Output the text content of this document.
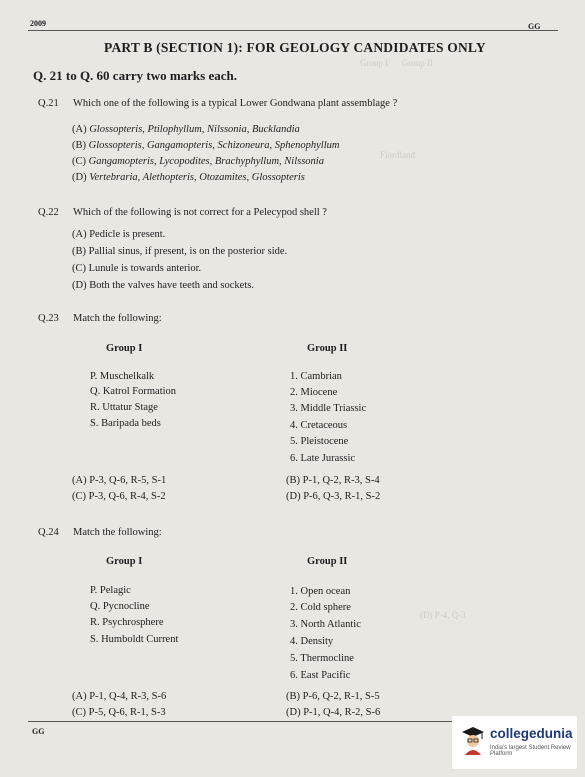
Group I      Group II
Fiordland
(D) P-4, Q-3
2009	GG
PART B (SECTION 1): FOR GEOLOGY CANDIDATES ONLY
Q. 21 to Q. 60 carry two marks each.
Q.21 Which one of the following is a typical Lower Gondwana plant assemblage ?
(A) Glossopteris, Ptilophyllum, Nilssonia, Bucklandia
(B) Glossopteris, Gangamopteris, Schizoneura, Sphenophyllum
(C) Gangamopteris, Lycopodites, Brachyphyllum, Nilssonia
(D) Vertebraria, Alethopteris, Otozamites, Glossopteris
Q.22 Which of the following is not correct for a Pelecypod shell ?
(A) Pedicle is present.
(B) Pallial sinus, if present, is on the posterior side.
(C) Lunule is towards anterior.
(D) Both the valves have teeth and sockets.
Q.23 Match the following:
Group I	Group II
P. Muschelkalk
Q. Katrol Formation
R. Uttatur Stage
S. Baripada beds
1. Cambrian
2. Miocene
3. Middle Triassic
4. Cretaceous
5. Pleistocene
6. Late Jurassic
(A) P-3, Q-6, R-5, S-1	(B) P-1, Q-2, R-3, S-4
(C) P-3, Q-6, R-4, S-2	(D) P-6, Q-3, R-1, S-2
Q.24 Match the following:
Group I	Group II
P. Pelagic
Q. Pycnocline
R. Psychrosphere
S. Humboldt Current
1. Open ocean
2. Cold sphere
3. North Atlantic
4. Density
5. Thermocline
6. East Pacific
(A) P-1, Q-4, R-3, S-6	(B) P-6, Q-2, R-1, S-5
(C) P-5, Q-6, R-1, S-3	(D) P-1, Q-4, R-2, S-6
GG	collegedunia
India's largest Student Review Platform
